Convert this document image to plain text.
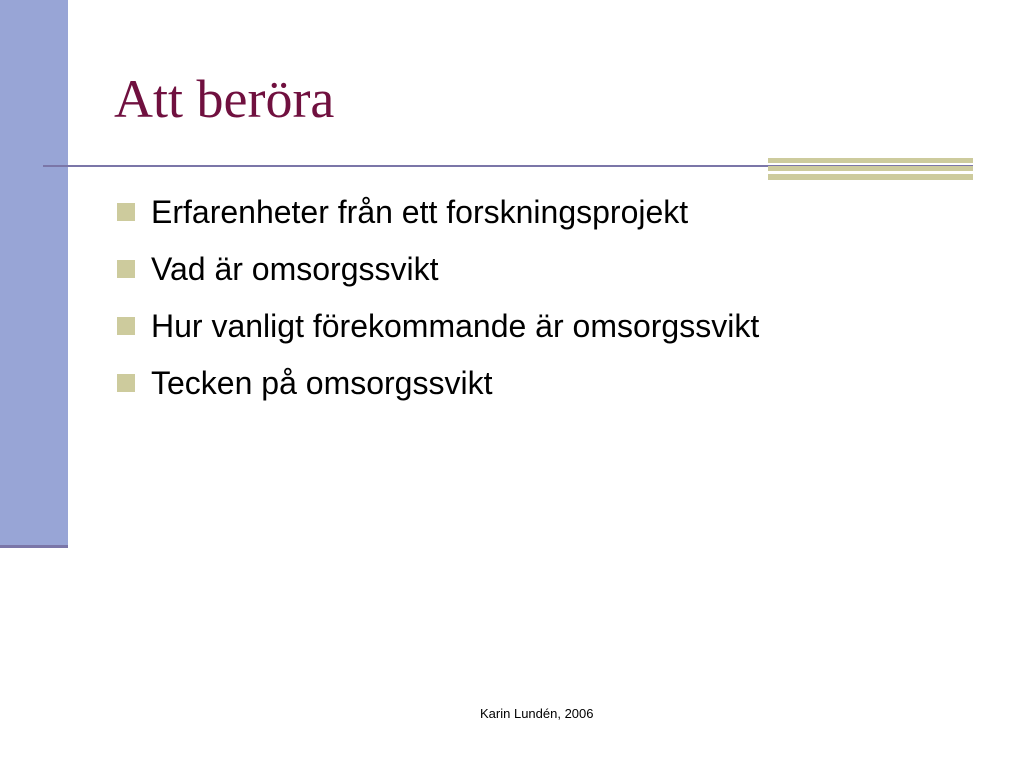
Att beröra
Erfarenheter från ett forskningsprojekt
Vad är omsorgssvikt
Hur vanligt förekommande är omsorgssvikt
Tecken på omsorgssvikt
Karin Lundén, 2006
